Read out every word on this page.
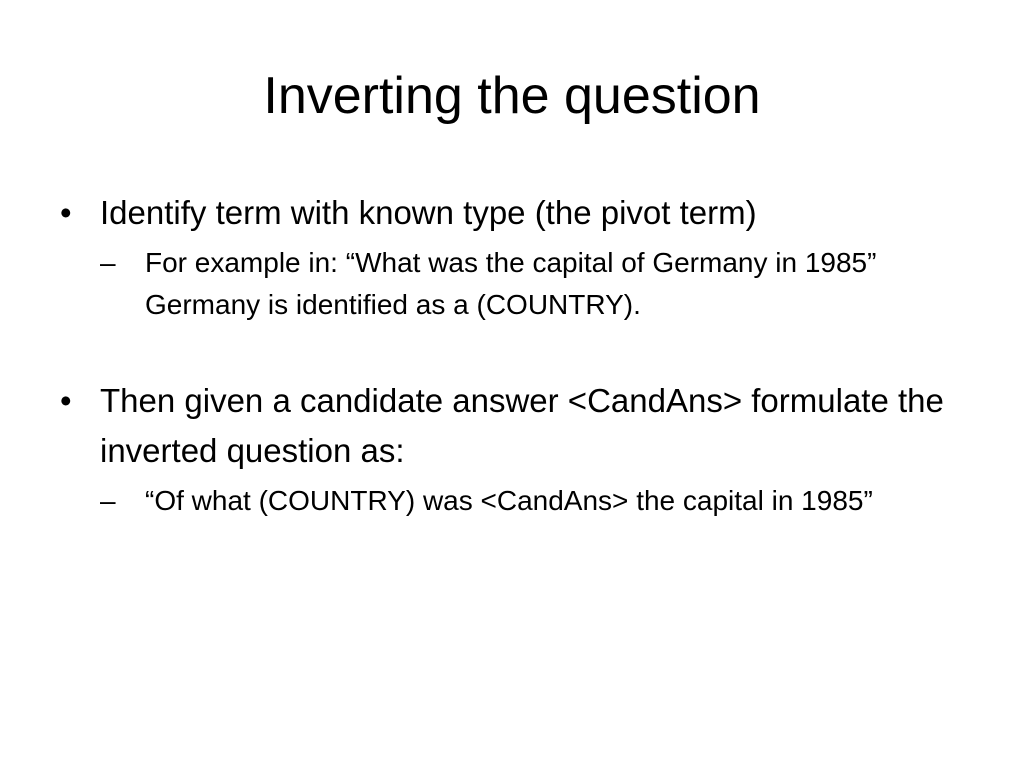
Inverting the question
• Identify term with known type (the pivot term)
–	For example in: “What was the capital of Germany in 1985” Germany is identified as a (COUNTRY).
• Then given a candidate answer <CandAns> formulate the inverted question as:
–	“Of what (COUNTRY) was <CandAns> the capital in 1985”
